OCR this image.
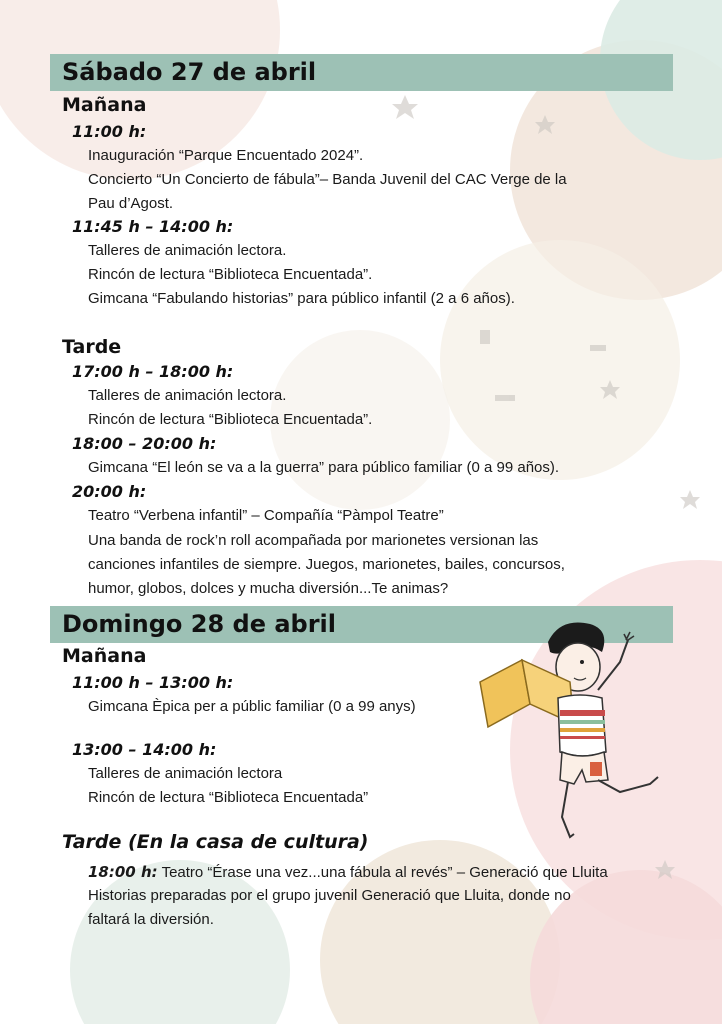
Sábado 27 de abril
Mañana
11:00 h:
Inauguración “Parque Encuentado 2024”.
Concierto “Un Concierto de fábula”– Banda Juvenil del CAC Verge de la
Pau d’Agost.
11:45 h – 14:00 h:
Talleres de animación lectora.
Rincón de lectura “Biblioteca Encuentada”.
Gimcana “Fabulando historias” para público infantil (2 a 6 años).
Tarde
17:00 h – 18:00 h:
Talleres de animación lectora.
Rincón de lectura “Biblioteca Encuentada”.
18:00 – 20:00 h:
Gimcana “El león se va a la guerra” para público familiar (0 a 99 años).
20:00 h:
Teatro “Verbena infantil” – Compañía “Pàmpol Teatre”
Una banda de rock’n roll acompañada por marionetes versionan las
canciones infantiles de siempre. Juegos, marionetes, bailes, concursos,
humor, globos, dolces y mucha diversión...Te animas?
Domingo 28 de abril
Mañana
11:00 h – 13:00 h:
Gimcana Èpica per a públic familiar (0 a 99 anys)
13:00 – 14:00 h:
Talleres de animación lectora
Rincón de lectura “Biblioteca Encuentada”
Tarde (En la casa de cultura)
18:00 h: Teatro “Érase una vez...una fábula al revés” – Generació que Lluita
Historias preparadas por el grupo juvenil Generació que Lluita, donde no
faltará la diversión.
